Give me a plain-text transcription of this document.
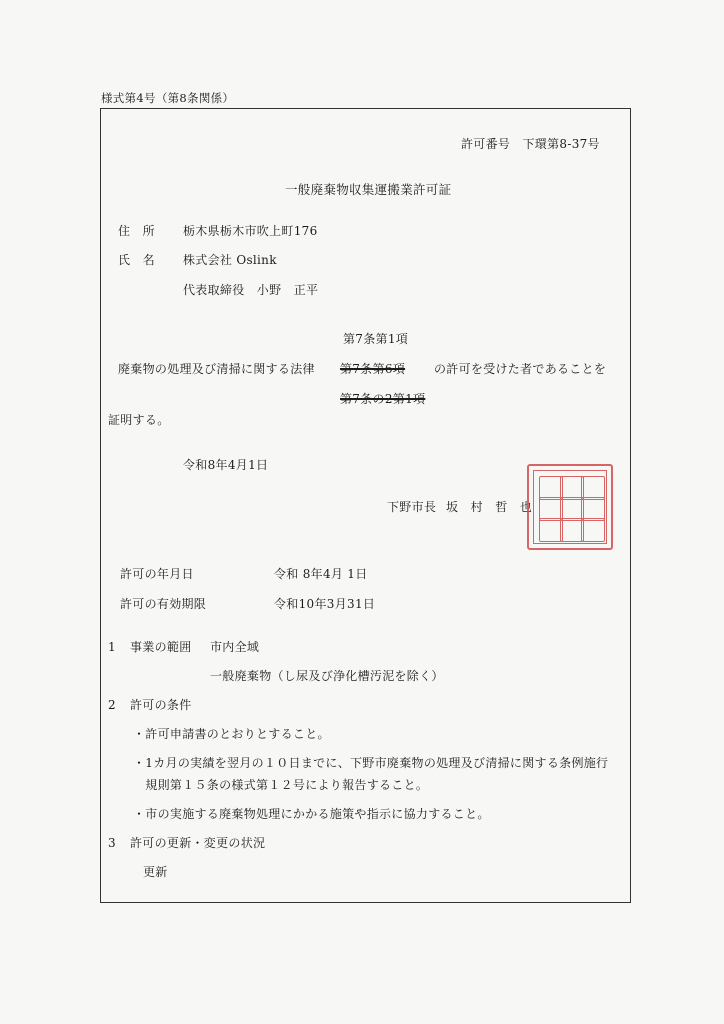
様式第4号（第8条関係）
許可番号　下環第8-37号
一般廃棄物収集運搬業許可証
住　所 栃木県栃木市吹上町176
氏　名 株式会社 Oslink
代表取締役　小野　正平
第7条第1項
廃棄物の処理及び清掃に関する法律 第7条第6項 の許可を受けた者であることを
第7条の2第1項
証明する。
令和8年4月1日
下野市長 坂　村　哲　也
許可の年月日	令和 8年4月 1日
許可の有効期限	令和10年3月31日
1 事業の範囲 市内全域
一般廃棄物（し尿及び浄化槽汚泥を除く）
2 許可の条件
・許可申請書のとおりとすること。
・1カ月の実績を翌月の１０日までに、下野市廃棄物の処理及び清掃に関する条例施行
　規則第１５条の様式第１２号により報告すること。
・市の実施する廃棄物処理にかかる施策や指示に協力すること。
3 許可の更新・変更の状況
更新
